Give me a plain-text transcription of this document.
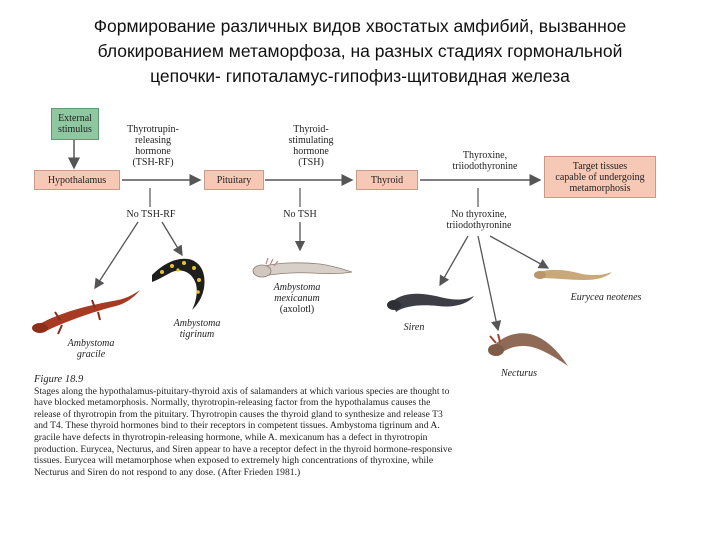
Формирование различных видов хвостатых амфибий, вызванное
блокированием метаморфоза, на разных стадиях гормональной
цепочки- гипоталамус-гипофиз-щитовидная железа
External
stimulus
Hypothalamus	Pituitary	Thyroid
Target tissues
capable of undergoing
metamorphosis
Thyrotrupin-
releasing
hormone
(TSH-RF)
Thyroid-
stimulating
hormone
(TSH)
Thyroxine,
triiodothyronine
No TSH-RF	No TSH	No thyroxine,
triiodothyronine
Ambystoma
gracile
Ambystoma
tigrinum
Ambystoma
mexicanum
(axolotl)
Siren
Necturus
Eurycea neotenes
Figure 18.9
Stages along the hypothalamus-pituitary-thyroid axis of salamanders at which various species are thought to have blocked metamorphosis. Normally, thyrotropin-releasing factor from the hypothalamus causes the release of thyrotropin from the pituitary. Thyrotropin causes the thyroid gland to synthesize and release T3 and T4. These thyroid hormones bind to their receptors in competent tissues. Ambystoma tigrinum and A. gracile have defects in thyrotropin-releasing hormone, while A. mexicanum has a defect in thyrotropin production. Eurycea, Necturus, and Siren appear to have a receptor defect in the thyroid hormone-responsive tissues. Eurycea will metamorphose when exposed to extremely high concentrations of thyroxine, while Necturus and Siren do not respond to any dose. (After Frieden 1981.)
